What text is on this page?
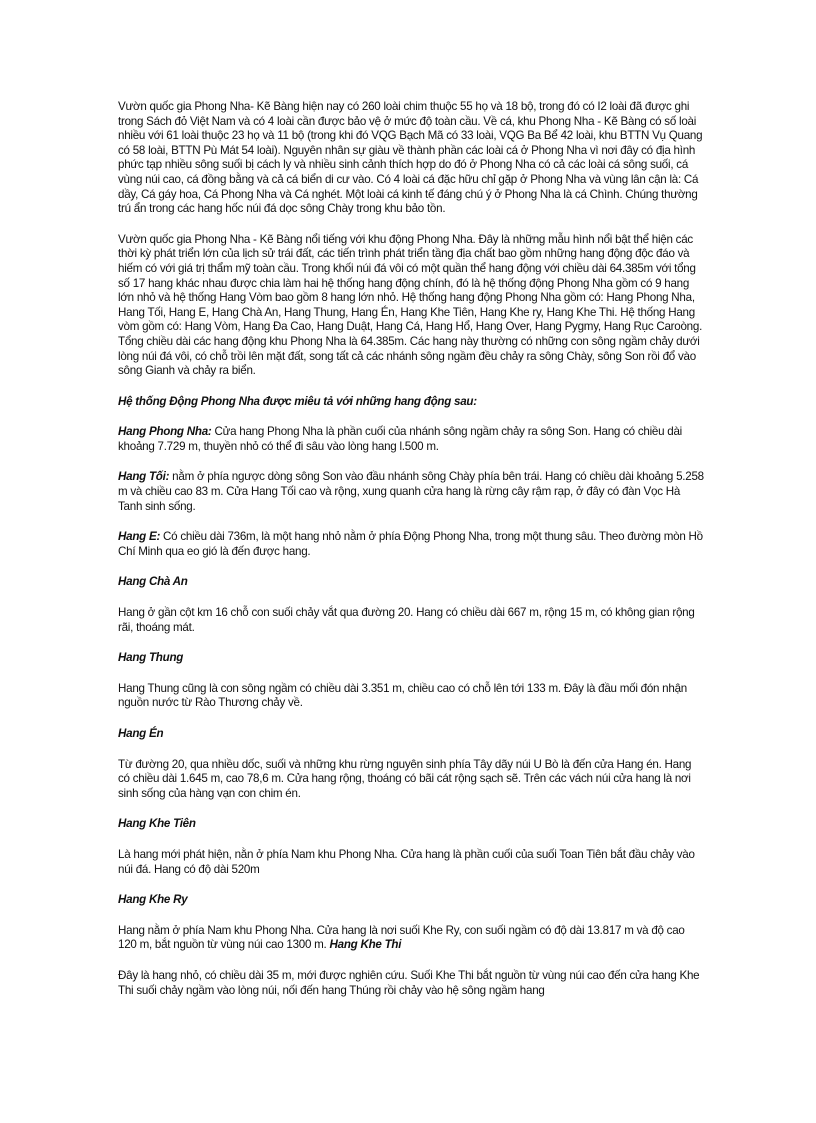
Vườn quốc gia Phong Nha- Kẽ Bàng hiện nay có 260 loài chim thuộc 55 họ và 18 bộ, trong đó có I2 loài đã được ghi trong Sách đỏ Việt Nam và có 4 loài cần được bảo vệ ở mức độ toàn cầu. Về cá, khu Phong Nha - Kẽ Bàng có số loài nhiều với 61 loài thuộc 23 họ và 11 bộ (trong khi đó VQG Bạch Mã có 33 loài, VQG Ba Bể 42 loài, khu BTTN Vụ Quang có 58 loài, BTTN Pù Mát 54 loài). Nguyên nhân sự giàu về thành phần các loài cá ở Phong Nha vì nơi đây có địa hình phức tạp nhiều sông suối bị cách ly và nhiều sinh cảnh thích hợp do đó ở Phong Nha có cả các loài cá sông suối, cá vùng núi cao, cá đồng bằng và cả cá biển di cư vào. Có 4 loài cá đặc hữu chỉ gặp ở Phong Nha và vùng lân cận là: Cá dầy, Cá gáy hoa, Cá Phong Nha và Cá nghét. Một loài cá kinh tế đáng chú ý ở Phong Nha là cá Chình. Chúng thường trú ẩn trong các hang hốc núi đá dọc sông Chày trong khu bảo tồn.

Vườn quốc gia Phong Nha - Kẽ Bàng nổi tiếng với khu động Phong Nha. Đây là những mẫu hình nổi bật thể hiện các thời kỳ phát triển lớn của lịch sử trái đất, các tiến trình phát triển tầng địa chất bao gồm những hang động độc đáo và hiếm có với giá trị thẩm mỹ toàn cầu. Trong khối núi đá vôi có một quần thể hang động với chiều dài 64.385m với tổng số 17 hang khác nhau được chia làm hai hệ thống hang động chính, đó là hệ thống động Phong Nha gồm có 9 hang lớn nhỏ và hệ thống Hang Vòm bao gồm 8 hang lớn nhỏ. Hệ thống hang động Phong Nha gồm có: Hang Phong Nha, Hang Tối, Hang E, Hang Chà An, Hang Thung, Hang Én, Hang Khe Tiên, Hang Khe ry, Hang Khe Thi. Hệ thống Hang vòm gồm có: Hang Vòm, Hang Đa Cao, Hang Duật, Hang Cá, Hang Hổ, Hang Over, Hang Pygmy, Hang Rục Caroòng. Tổng chiều dài các hang động khu Phong Nha là 64.385m. Các hang này thường có những con sông ngầm chảy dưới lòng núi đá vôi, có chỗ trồi lên mặt đất, song tất cả các nhánh sông ngầm đều chảy ra sông Chày, sông Son rồi đổ vào sông Gianh và chảy ra biển.

Hệ thống Động Phong Nha được miêu tả với những hang động sau:

Hang Phong Nha: Cửa hang Phong Nha là phần cuối của nhánh sông ngầm chảy ra sông Son. Hang có chiều dài khoảng 7.729 m, thuyền nhỏ có thể đi sâu vào lòng hang l.500 m.

Hang Tối: nằm ở phía ngược dòng sông Son vào đầu nhánh sông Chày phía bên trái. Hang có chiều dài khoảng 5.258 m và chiều cao 83 m. Cửa Hang Tối cao và rộng, xung quanh cửa hang là rừng cây rậm rạp, ở đây có đàn Vọc Hà Tanh sinh sống.

Hang E: Có chiều dài 736m, là một hang nhỏ nằm ở phía Động Phong Nha, trong một thung sâu. Theo đường mòn Hồ Chí Minh qua eo gió là đến được hang.

Hang Chà An

Hang ở gần cột km 16 chỗ con suối chảy vắt qua đường 20. Hang có chiều dài 667 m, rộng 15 m, có không gian rộng rãi, thoáng mát.

Hang Thung

Hang Thung cũng là con sông ngầm có chiều dài 3.351 m, chiều cao có chỗ lên tới 133 m. Đây là đầu mối đón nhận nguồn nước từ Rào Thương chảy về.

Hang Én

Từ đường 20, qua nhiều dốc, suối và những khu rừng nguyên sinh phía Tây dãy núi U Bò là đến cửa Hang én. Hang có chiều dài 1.645 m, cao 78,6 m. Cửa hang rộng, thoáng có bãi cát rộng sạch sẽ. Trên các vách núi cửa hang là nơi sinh sống của hàng vạn con chim én.

Hang Khe Tiên

Là hang mới phát hiện, nằn ở phía Nam khu Phong Nha. Cửa hang là phần cuối của suối Toan Tiên bắt đầu chảy vào núi đá. Hang có độ dài 520m

Hang Khe Ry

Hang nằm ở phía Nam khu Phong Nha. Cửa hang là nơi suối Khe Ry, con suối ngầm có độ dài 13.817 m và độ cao 120 m, bắt nguồn từ vùng núi cao 1300 m. Hang Khe Thi

Đây là hang nhỏ, có chiều dài 35 m, mới được nghiên cứu. Suối Khe Thi bắt nguồn từ vùng núi cao đến cửa hang Khe Thi suối chảy ngầm vào lòng núi, nối đến hang Thúng rồi chảy vào hệ sông ngầm hang
